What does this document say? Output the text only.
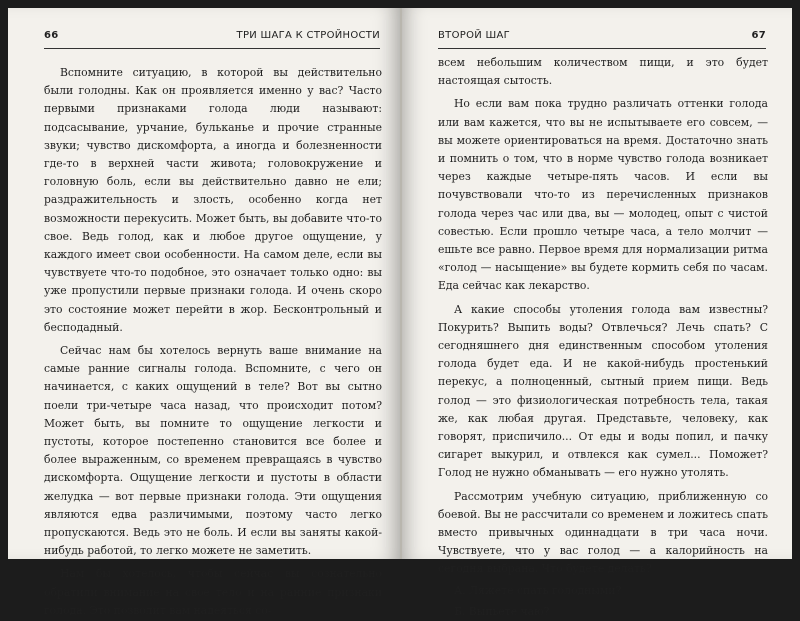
66	ТРИ ШАГА К СТРОЙНОСТИ

Вспомните ситуацию, в которой вы действительно были голодны. Как он проявляется именно у вас? Часто первыми признаками голода люди называют: подсасывание, урчание, бульканье и прочие странные звуки; чувство дискомфорта, а иногда и болезненности где-то в верхней части живота; головокружение и головную боль, если вы действительно давно не ели; раздражительность и злость, особенно когда нет возможности перекусить. Может быть, вы добавите что-то свое. Ведь голод, как и любое другое ощущение, у каждого имеет свои особенности. На самом деле, если вы чувствуете что-то подобное, это означает только одно: вы уже пропустили первые признаки голода. И очень скоро это состояние может перейти в жор. Бесконтрольный и бесподадный.

Сейчас нам бы хотелось вернуть ваше внимание на самые ранние сигналы голода. Вспомните, с чего он начинается, с каких ощущений в теле? Вот вы сытно поели три-четыре часа назад, что происходит потом? Может быть, вы помните то ощущение легкости и пустоты, которое постепенно становится все более и более выраженным, со временем превращаясь в чувство дискомфорта. Ощущение легкости и пустоты в области желудка — вот первые признаки голода. Эти ощущения являются едва различимыми, поэтому часто легко пропускаются. Ведь это не боль. И если вы заняты какой-нибудь работой, то легко можете не заметить.

Нам бы хотелось, чтобы сейчас вы сознательно обратили внимание на свое тело и на ранние признаки голода. Это позволит вам надеяться со-

ВТОРОЙ ШАГ	67

всем небольшим количеством пищи, и это будет настоящая сытость.

Но если вам пока трудно различать оттенки голода или вам кажется, что вы не испытываете его совсем, — вы можете ориентироваться на время. Достаточно знать и помнить о том, что в норме чувство голода возникает через каждые четыре-пять часов. И если вы почувствовали что-то из перечисленных признаков голода через час или два, вы — молодец, опыт с чистой совестью. Если прошло четыре часа, а тело молчит — ешьте все равно. Первое время для нормализации ритма «голод — насыщение» вы будете кормить себя по часам. Еда сейчас как лекарство.

А какие способы утоления голода вам известны? Покурить? Выпить воды? Отвлечься? Лечь спать? С сегодняшнего дня единственным способом утоления голода будет еда. И не какой-нибудь простенький перекус, а полноценный, сытный прием пищи. Ведь голод — это физиологическая потребность тела, такая же, как любая другая. Представьте, человеку, как говорят, приспичило... От еды и воды попил, и пачку сигарет выкурил, и отвлекся как сумел... Поможет? Голод не нужно обманывать — его нужно утолять.

Рассмотрим учебную ситуацию, приближенную со боевой. Вы не рассчитали со временем и ложитесь спать вместо привычных одиннадцати в три часа ночи. Чувствуете, что у вас голод — а калорийность на сегодня выбрана. Что будете делать?

А. Ляжете спать голодными?

Б. Выпьете чаю?
